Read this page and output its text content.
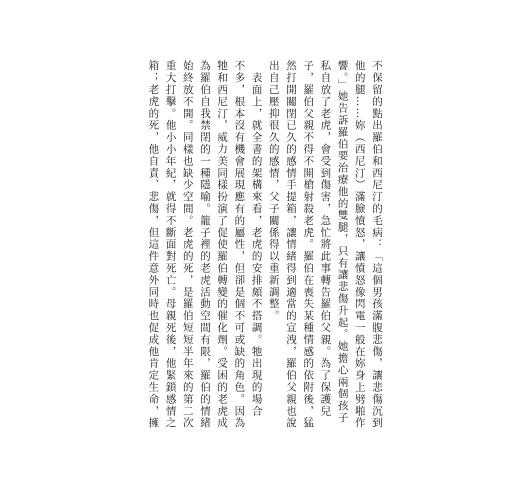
不保留的點出羅伯和西尼汀的毛病：「這個男孩滿腹悲傷，讓悲傷沉到
他的腿……妳（西尼汀）滿臉憤怒，讓憤怒像閃電一般在妳身上劈啪作
響。」她告訴羅伯要治療他的雙腿，只有讓悲傷升起。她擔心兩個孩子
私自放了老虎，會受到傷害，急忙將此事轉告羅伯父親。為了保護兒
子，羅伯父親不得不開槍射殺老虎。羅伯在喪失某種情感的依附後，猛
然打開關閉已久的感情手提箱，讓情緒得到適當的宣洩，羅伯父親也說
出自己壓抑很久的感情，父子關係得以重新調整。
　表面上，就全書的架構來看，老虎的安排頗不搭調。牠出現的場合
不多，根本沒有機會展現應有的屬性，但卻是個不可或缺的角色。因為
牠和西尼汀，威力美同樣扮演了促使羅伯轉變的催化劑。受困的老虎成
為羅伯自我禁閉的一種隱喻。籠子裡的老虎活動空間有限，羅伯的情緒
始終放不開。同樣也缺少空間。老虎的死，是羅伯短短半年來的第二次
重大打擊。他小小年紀，就得不斷面對死亡。母親死後，他緊鎖感情之
箱；老虎的死，他自責、悲傷，但這件意外同時也促成他肯定生命，擁
